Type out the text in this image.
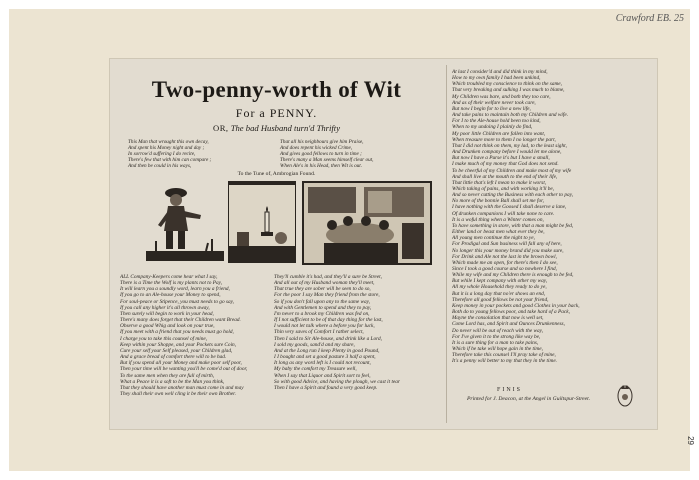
Crawford EB. 25
29
Two-penny-worth of Wit
For a PENNY.
OR, The bad Husband turn'd Thrifty
This Man that wrought this own decay,
And spent his Money night and day ;
In sorrow'd suffering I do recite,
There's few that with him can compare ;
And then be could in his ways,
That all his neighbours give him Praise,
And does repent his wicked Crime,
And gives good fellows to turn in time ;
There's many a Man seems himself clear out,
When Ale's in his Head, then Wit is out.
To the Tune of, Ambrogian Found.
ALL Company-Keepers come hear what I say,
There is a Time the Wolf is my plants not to Pay,
It will learn you a soundly word, learn you a friend,
If you go to an Ale-house your Money to spend,
For soul-peace or Stipence, you must needs to go say,
If you call any higher it's all thrown away,
Then surely will begin to work in your head,
There's many does forget that their Children want Bread.
Observe a good Whig and look on your true,
If you meet with a friend that you needs must go hold,
I charge you to take this counsel of mine,
Keep within your Shoppe, and your Pockets sure Coin,
Cure your self your Self pleased, your Children glad,
And a grace bread of comfort there will to be had.
But if you spend all your Money and make poor self poor,
Then your time will be wanting you'll be come'd out of door,
To the same men when they are full of mirth,
What a Peace it is a soft to be the Man you think,
That they should have another man must come in and may
They shall their own well cling it be their own Brother.
They'll cumble it's had, and they'll a sure be Street,
And all out of my Husband woman they'll meet,
That true they are sober will be seen to do so,
For the poor I say Man they friend from the store,
So if you don't fall upon any to the same way,
And with Gentlemen to spend and they to pay,
I'm never to a brook my Children was fed on,
If I not sufficient to be of that day thing for the last,
I would not let talk where a before you for luck,
Thin very saves of Comfort I rather select,
Then I said to Sir Ale-house, and drink like a Lord,
I sold my goods, sand'd and my share,
And at the Long run I keep Plenty in good Pound,
I I bought and set a good pasture 3 half a spent,
It long as any word left is I could not recount,
My baby the comfort my Treasure well,
When I say that Liquor and Spirit sort to feel,
So with good Advice, and having the plough, we cast it tear
Then I have a Spirit and found a very good keep.
At last I consider'd and did think in my mind,
How to my own family I had been unkind,
Which troubled my conscience to think on the same,
That very breaking and sulking I was much to blame,
My Children was bare, and both they too care,
And as of their welfare never took care,
But now I begin for to live a new life,
And take pains to maintain both my Children and wife.
For I to the Ale-house hold been too kind,
When to my undoing I plainly do find,
My poor little Children are fallen into want,
When treasure more to them I no longer the part,
That I did not think on them, my lad, to the least sight,
And Drunken company before I would let me alone,
But now I have a Purse it's but I have a small,
I make much of my money that God does not send.
To be cheerful of my Children and make most of my wife
And shall live at the mouth to the end of their life,
That little that's left I mean to make it worst,
Which taking of pains, and with working it'll be,
And so never cutting the Business with each other to pay,
No more of the bonnie Ball shall set me for,
I have nothing with the Goosed I shall deserve a lane,
Of drunken companions I will take none to care.
It is a woful thing when a Winter comes on,
To have something in store, with that a man might be fed,
Either land or beast men what ever they be,
All young men continue the night to ye,
For Prodigal and Sun business will fall any of here,
No longer this your money brand did you make sure,
For Drink and Ale not the last in the brown bowl,
Which made me an open, for there's then I do see,
Since I took a good course and so nowhere I find,
While my wife and my Children there is enough to be fed,
But while I kept company with other my way,
All my whole Household they ready to do ye,
But it is a long day that no'er shows an end,
Therefore all good fellows be not your friend,
Keep money in your pockets and good Clothes in your back,
Both do to young fellows poor, and take hard of a Pack,
Mayne the consolation that now is well set,
Come Lord has, and Spirit and Ounces Drunkenness,
Do never will be out of reach with the way,
For I've given it to the strong like way be,
It is a sure thing for a man to take pains,
Which if he take will hope gain in the time,
Therefore take this counsel I'll pray take of mine,
It's a penny will better to my that they in the time.
FINIS
Printed for J. Deacon, at the Angel in Guiltspur-Street.
